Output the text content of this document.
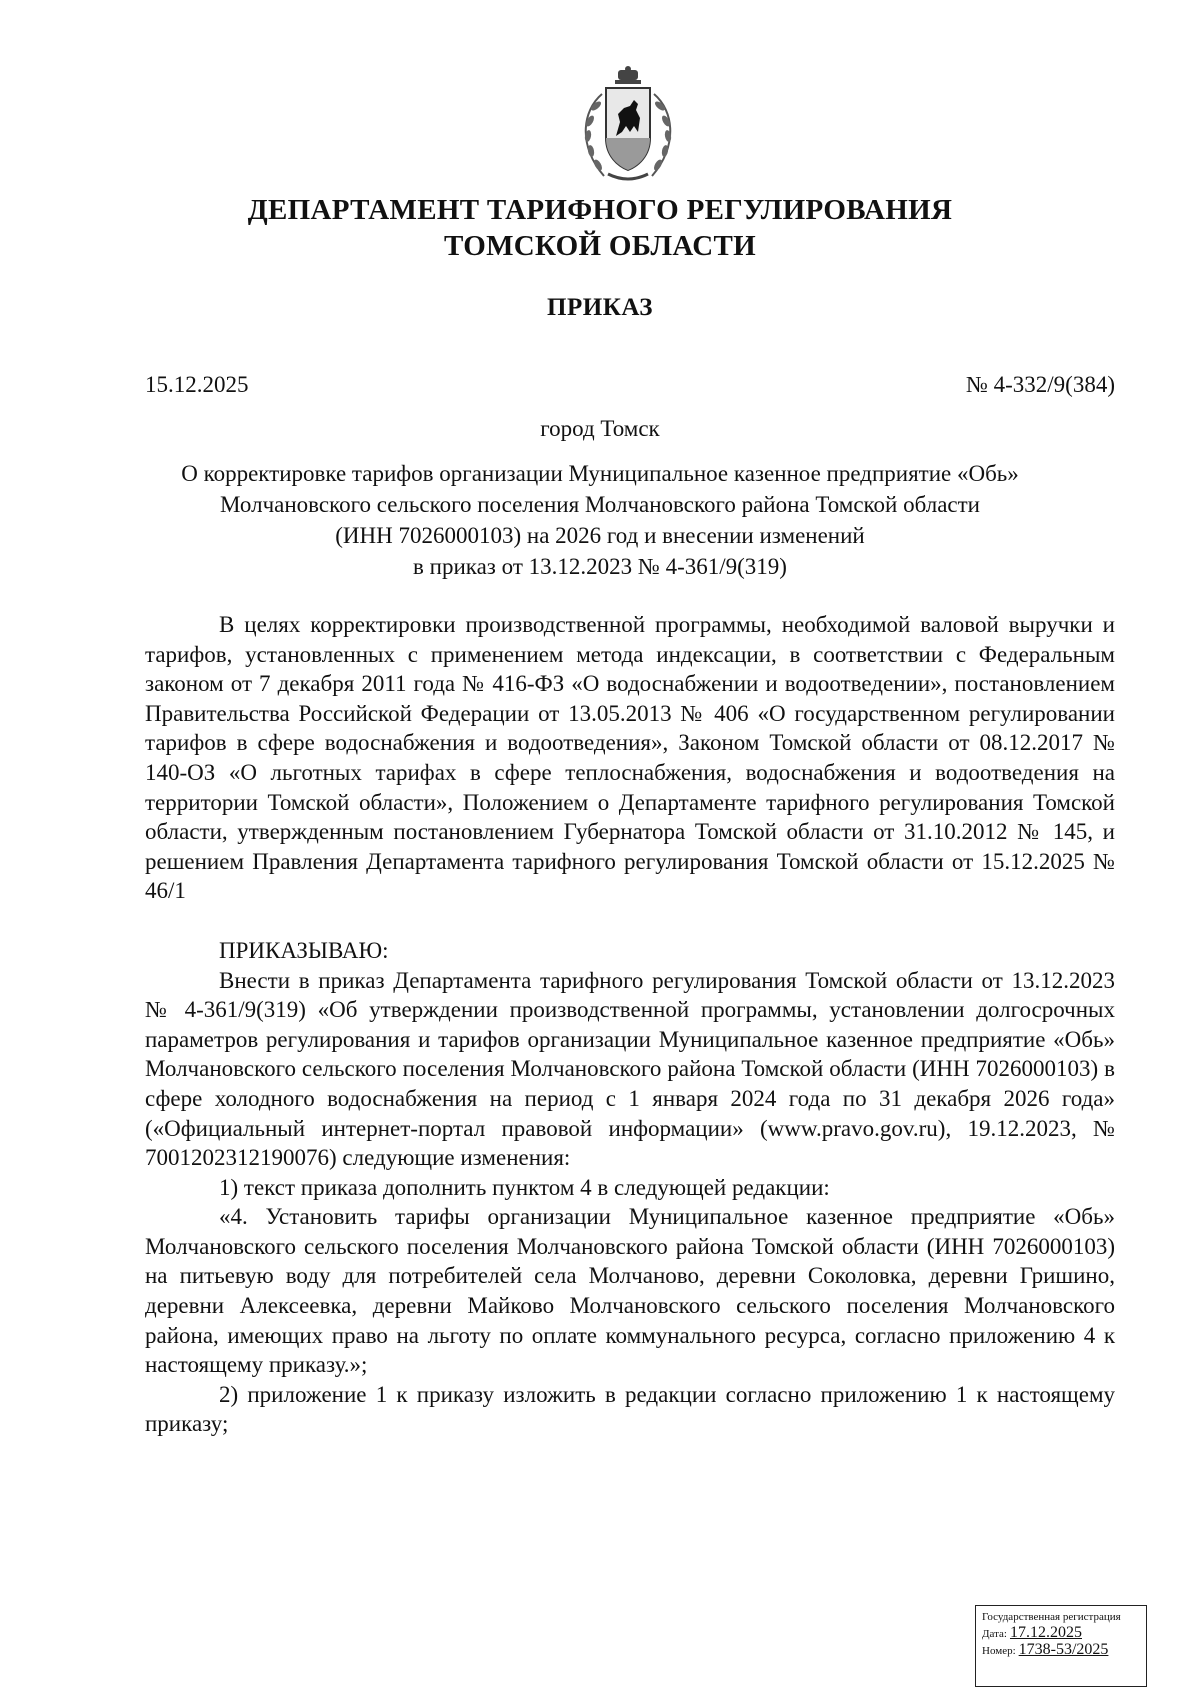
ДЕПАРТАМЕНТ ТАРИФНОГО РЕГУЛИРОВАНИЯ
ТОМСКОЙ ОБЛАСТИ
ПРИКАЗ
15.12.2025	№ 4-332/9(384)
город Томск
О корректировке тарифов организации Муниципальное казенное предприятие «Обь»
Молчановского сельского поселения Молчановского района Томской области
(ИНН 7026000103) на 2026 год и внесении изменений
в приказ от 13.12.2023 № 4-361/9(319)

В целях корректировки производственной программы, необходимой валовой выручки и тарифов, установленных с применением метода индексации, в соответствии с Федеральным законом от 7 декабря 2011 года № 416-ФЗ «О водоснабжении и водоотведении», постановлением Правительства Российской Федерации от 13.05.2013 № 406 «О государственном регулировании тарифов в сфере водоснабжения и водоотведения», Законом Томской области от 08.12.2017 № 140-ОЗ «О льготных тарифах в сфере теплоснабжения, водоснабжения и водоотведения на территории Томской области», Положением о Департаменте тарифного регулирования Томской области, утвержденным постановлением Губернатора Томской области от 31.10.2012 № 145, и решением Правления Департамента тарифного регулирования Томской области от 15.12.2025 № 46/1

ПРИКАЗЫВАЮ:

Внести в приказ Департамента тарифного регулирования Томской области от 13.12.2023 № 4-361/9(319) «Об утверждении производственной программы, установлении долгосрочных параметров регулирования и тарифов организации Муниципальное казенное предприятие «Обь» Молчановского сельского поселения Молчановского района Томской области (ИНН 7026000103) в сфере холодного водоснабжения на период с 1 января 2024 года по 31 декабря 2026 года» («Официальный интернет-портал правовой информации» (www.pravo.gov.ru), 19.12.2023, № 7001202312190076) следующие изменения:

1) текст приказа дополнить пунктом 4 в следующей редакции:

«4. Установить тарифы организации Муниципальное казенное предприятие «Обь» Молчановского сельского поселения Молчановского района Томской области (ИНН 7026000103) на питьевую воду для потребителей села Молчаново, деревни Соколовка, деревни Гришино, деревни Алексеевка, деревни Майково Молчановского сельского поселения Молчановского района, имеющих право на льготу по оплате коммунального ресурса, согласно приложению 4 к настоящему приказу.»;

2) приложение 1 к приказу изложить в редакции согласно приложению 1 к настоящему приказу;

Государственная регистрация
Дата: 17.12.2025
Номер: 1738-53/2025
